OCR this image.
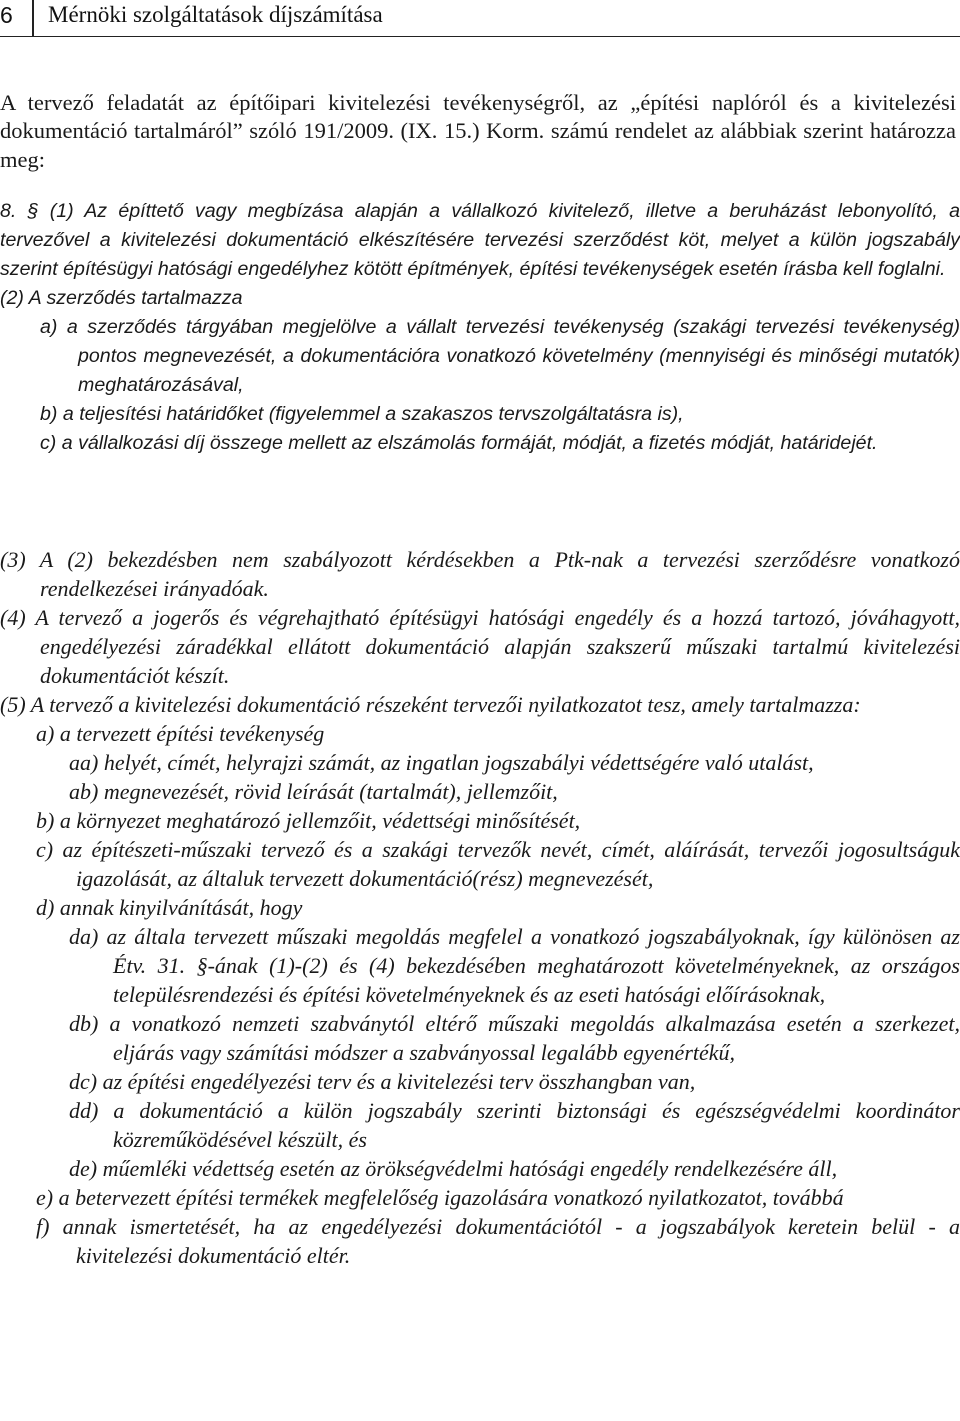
6 Mérnöki szolgáltatások díjszámítása

A tervező feladatát az építőipari kivitelezési tevékenységről, az „építési naplóról és a kivitelezési dokumentáció tartalmáról” szóló 191/2009. (IX. 15.) Korm. számú rendelet az alábbiak szerint határozza meg:

8. § (1) Az építtető vagy megbízása alapján a vállalkozó kivitelező, illetve a beruházást lebonyolító, a tervezővel a kivitelezési dokumentáció elkészítésére tervezési szerződést köt, melyet a külön jogszabály szerint építésügyi hatósági engedélyhez kötött építmények, építési tevékenységek esetén írásba kell foglalni.

(2) A szerződés tartalmazza

a) a szerződés tárgyában megjelölve a vállalt tervezési tevékenység (szakági tervezési tevékenység) pontos megnevezését, a dokumentációra vonatkozó követelmény (mennyiségi és minőségi mutatók) meghatározásával,

b) a teljesítési határidőket (figyelemmel a szakaszos tervszolgáltatásra is),

c) a vállalkozási díj összege mellett az elszámolás formáját, módját, a fizetés módját, határidejét.

(3) A (2) bekezdésben nem szabályozott kérdésekben a Ptk-nak a tervezési szerződésre vonatkozó rendelkezései irányadóak.

(4) A tervező a jogerős és végrehajtható építésügyi hatósági engedély és a hozzá tartozó, jóváhagyott, engedélyezési záradékkal ellátott dokumentáció alapján szakszerű műszaki tartalmú kivitelezési dokumentációt készít.

(5) A tervező a kivitelezési dokumentáció részeként tervezői nyilatkozatot tesz, amely tartalmazza:

a) a tervezett építési tevékenység

aa) helyét, címét, helyrajzi számát, az ingatlan jogszabályi védettségére való utalást,

ab) megnevezését, rövid leírását (tartalmát), jellemzőit,

b) a környezet meghatározó jellemzőit, védettségi minősítését,

c) az építészeti-műszaki tervező és a szakági tervezők nevét, címét, aláírását, tervezői jogosultságuk igazolását, az általuk tervezett dokumentáció(rész) megnevezését,

d) annak kinyilvánítását, hogy

da) az általa tervezett műszaki megoldás megfelel a vonatkozó jogszabályoknak, így különösen az Étv. 31. §-ának (1)-(2) és (4) bekezdésében meghatározott követelményeknek, az országos településrendezési és építési követelményeknek és az eseti hatósági előírásoknak,

db) a vonatkozó nemzeti szabványtól eltérő műszaki megoldás alkalmazása esetén a szerkezet, eljárás vagy számítási módszer a szabványossal legalább egyenértékű,

dc) az építési engedélyezési terv és a kivitelezési terv összhangban van,

dd) a dokumentáció a külön jogszabály szerinti biztonsági és egészségvédelmi koordinátor közreműködésével készült, és

de) műemléki védettség esetén az örökségvédelmi hatósági engedély rendelkezésére áll,

e) a betervezett építési termékek megfelelőség igazolására vonatkozó nyilatkozatot, továbbá

f) annak ismertetését, ha az engedélyezési dokumentációtól - a jogszabályok keretein belül - a kivitelezési dokumentáció eltér.
